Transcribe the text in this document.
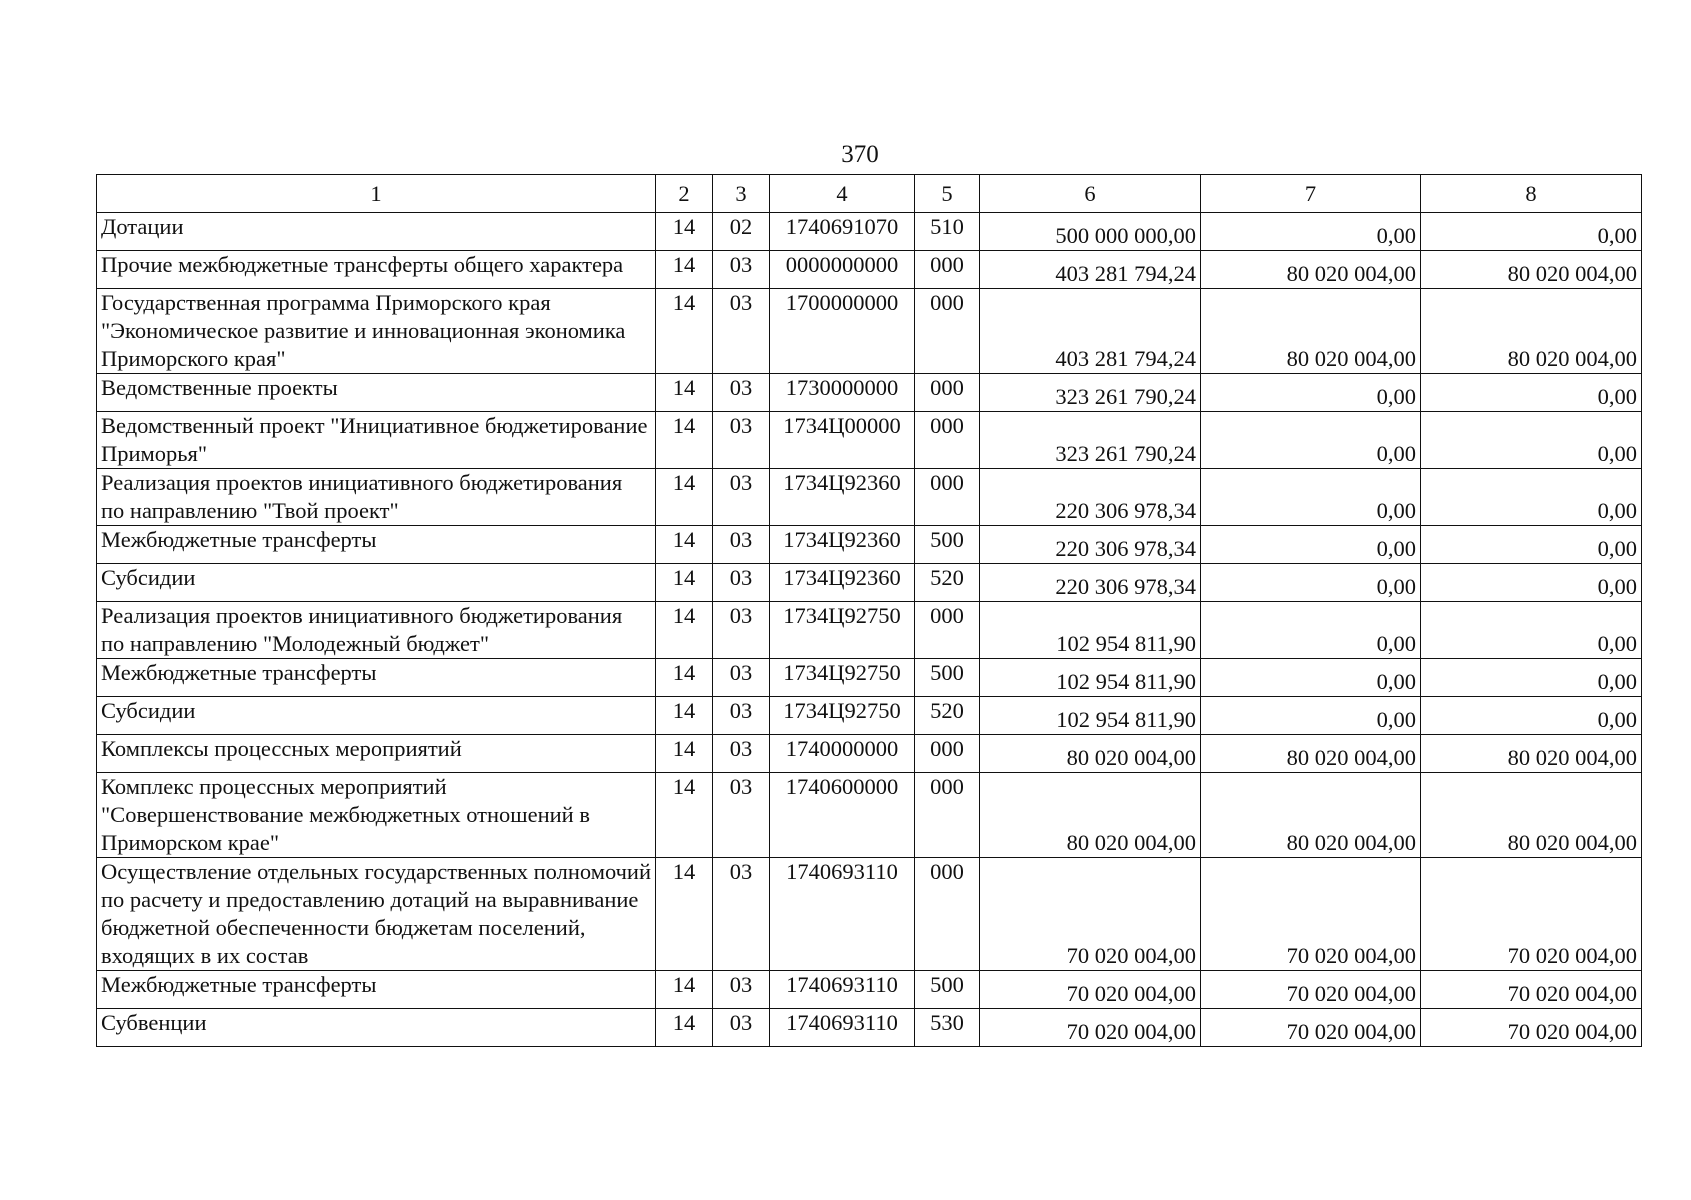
370
1	2	3	4	5	6	7	8
Дотации	14	02	1740691070	510	500 000 000,00	0,00	0,00
Прочие межбюджетные трансферты общего характера	14	03	0000000000	000	403 281 794,24	80 020 004,00	80 020 004,00
Государственная программа Приморского края "Экономическое развитие и инновационная экономика Приморского края"	14	03	1700000000	000	403 281 794,24	80 020 004,00	80 020 004,00
Ведомственные проекты	14	03	1730000000	000	323 261 790,24	0,00	0,00
Ведомственный проект "Инициативное бюджетирование Приморья"	14	03	1734Ц00000	000	323 261 790,24	0,00	0,00
Реализация проектов инициативного бюджетирования по направлению "Твой проект"	14	03	1734Ц92360	000	220 306 978,34	0,00	0,00
Межбюджетные трансферты	14	03	1734Ц92360	500	220 306 978,34	0,00	0,00
Субсидии	14	03	1734Ц92360	520	220 306 978,34	0,00	0,00
Реализация проектов инициативного бюджетирования по направлению "Молодежный бюджет"	14	03	1734Ц92750	000	102 954 811,90	0,00	0,00
Межбюджетные трансферты	14	03	1734Ц92750	500	102 954 811,90	0,00	0,00
Субсидии	14	03	1734Ц92750	520	102 954 811,90	0,00	0,00
Комплексы процессных мероприятий	14	03	1740000000	000	80 020 004,00	80 020 004,00	80 020 004,00
Комплекс процессных мероприятий "Совершенствование межбюджетных отношений в Приморском крае"	14	03	1740600000	000	80 020 004,00	80 020 004,00	80 020 004,00
Осуществление отдельных государственных полномочий по расчету и предоставлению дотаций на выравнивание бюджетной обеспеченности бюджетам поселений, входящих в их состав	14	03	1740693110	000	70 020 004,00	70 020 004,00	70 020 004,00
Межбюджетные трансферты	14	03	1740693110	500	70 020 004,00	70 020 004,00	70 020 004,00
Субвенции	14	03	1740693110	530	70 020 004,00	70 020 004,00	70 020 004,00
